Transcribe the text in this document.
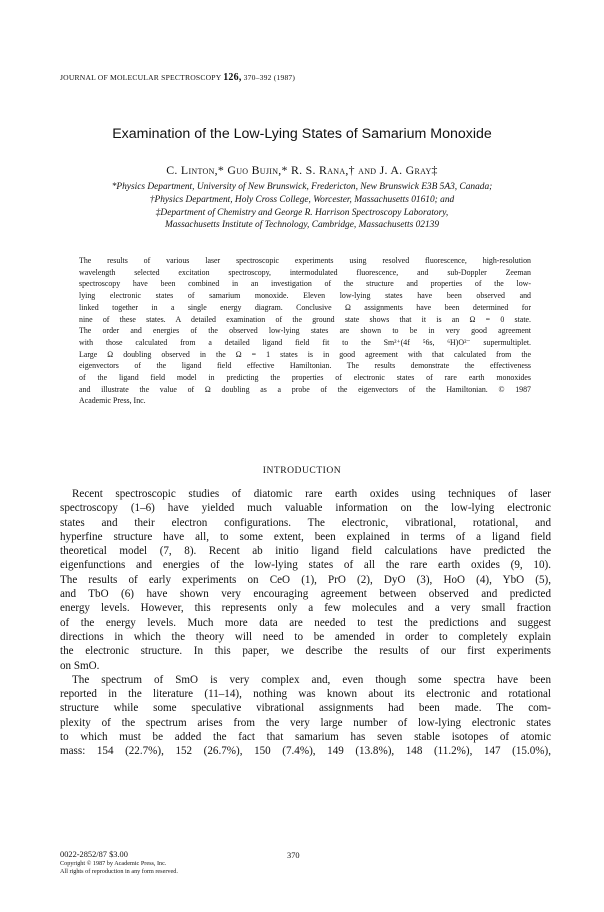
JOURNAL OF MOLECULAR SPECTROSCOPY 126, 370–392 (1987)
Examination of the Low-Lying States of Samarium Monoxide
C. Linton,* Guo Bujin,* R. S. Rana,† and J. A. Gray‡
*Physics Department, University of New Brunswick, Fredericton, New Brunswick E3B 5A3, Canada;
†Physics Department, Holy Cross College, Worcester, Massachusetts 01610; and
‡Department of Chemistry and George R. Harrison Spectroscopy Laboratory,
Massachusetts Institute of Technology, Cambridge, Massachusetts 02139
The results of various laser spectroscopic experiments using resolved fluorescence, high-resolution
wavelength selected excitation spectroscopy, intermodulated fluorescence, and sub-Doppler Zeeman
spectroscopy have been combined in an investigation of the structure and properties of the low-
lying electronic states of samarium monoxide. Eleven low-lying states have been observed and
linked together in a single energy diagram. Conclusive Ω assignments have been determined for
nine of these states. A detailed examination of the ground state shows that it is an Ω = 0 state.
The order and energies of the observed low-lying states are shown to be in very good agreement
with those calculated from a detailed ligand field fit to the Sm²⁺(4f ⁵6s, ⁶H)O²⁻ supermultiplet.
Large Ω doubling observed in the Ω = 1 states is in good agreement with that calculated from the
eigenvectors of the ligand field effective Hamiltonian. The results demonstrate the effectiveness
of the ligand field model in predicting the properties of electronic states of rare earth monoxides
and illustrate the value of Ω doubling as a probe of the eigenvectors of the Hamiltonian. © 1987
Academic Press, Inc.
INTRODUCTION
Recent spectroscopic studies of diatomic rare earth oxides using techniques of laser
spectroscopy (1–6) have yielded much valuable information on the low-lying electronic
states and their electron configurations. The electronic, vibrational, rotational, and
hyperfine structure have all, to some extent, been explained in terms of a ligand field
theoretical model (7, 8). Recent ab initio ligand field calculations have predicted the
eigenfunctions and energies of the low-lying states of all the rare earth oxides (9, 10).
The results of early experiments on CeO (1), PrO (2), DyO (3), HoO (4), YbO (5),
and TbO (6) have shown very encouraging agreement between observed and predicted
energy levels. However, this represents only a few molecules and a very small fraction
of the energy levels. Much more data are needed to test the predictions and suggest
directions in which the theory will need to be amended in order to completely explain
the electronic structure. In this paper, we describe the results of our first experiments
on SmO.
The spectrum of SmO is very complex and, even though some spectra have been
reported in the literature (11–14), nothing was known about its electronic and rotational
structure while some speculative vibrational assignments had been made. The com-
plexity of the spectrum arises from the very large number of low-lying electronic states
to which must be added the fact that samarium has seven stable isotopes of atomic
mass: 154 (22.7%), 152 (26.7%), 150 (7.4%), 149 (13.8%), 148 (11.2%), 147 (15.0%),
0022-2852/87 $3.00
Copyright © 1987 by Academic Press, Inc.
All rights of reproduction in any form reserved.
370
